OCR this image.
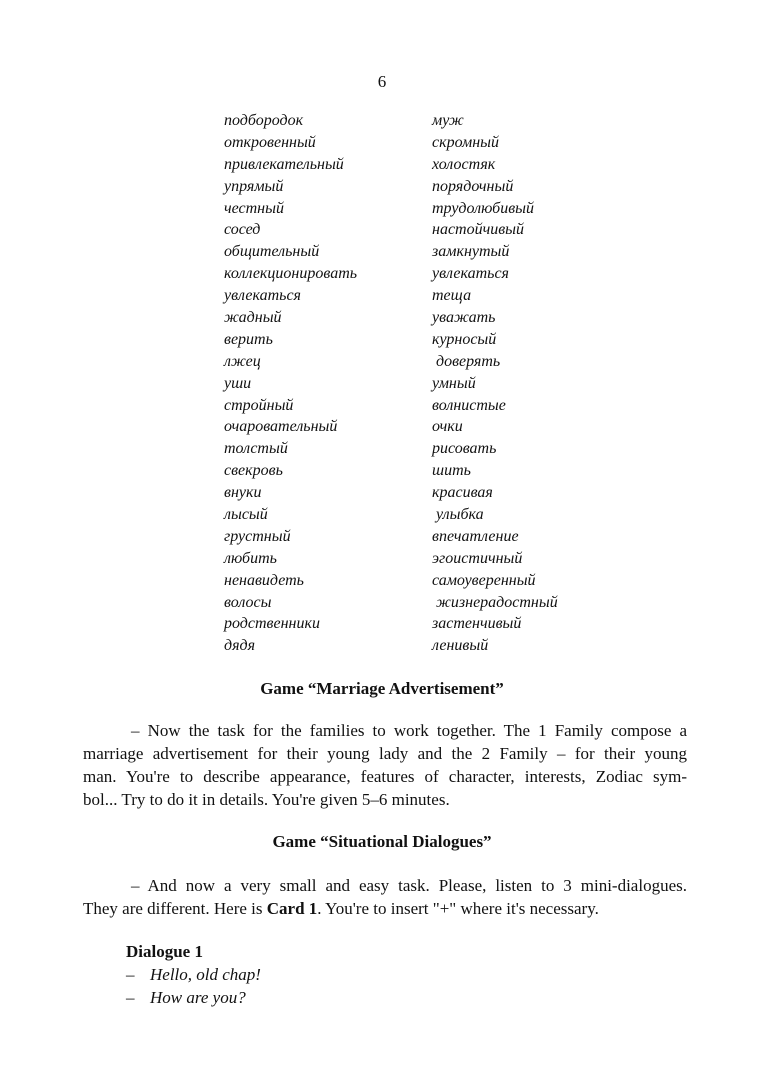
6
подбородок	муж
откровенный	скромный
привлекательный	холостяк
упрямый	порядочный
честный	трудолюбивый
сосед	настойчивый
общительный	замкнутый
коллекционировать	увлекаться
увлекаться	теща
жадный	уважать
верить	курносый
лжец	доверять
уши	умный
стройный	волнистые
очаровательный	очки
толстый	рисовать
свекровь	шить
внуки	красивая
лысый	улыбка
грустный	впечатление
любить	эгоистичный
ненавидеть	самоуверенный
волосы	жизнерадостный
родственники	застенчивый
дядя	ленивый
Game “Marriage Advertisement”
– Now the task for the families to work together. The 1 Family compose a
marriage advertisement for their young lady and the 2 Family – for their young
man. You're to describe appearance, features of character, interests, Zodiac sym-
bol... Try to do it in details. You're given 5–6 minutes.
Game “Situational Dialogues”
– And now a very small and easy task. Please, listen to 3 mini-dialogues.
They are different. Here is Card 1. You're to insert "+" where it's necessary.
Dialogue 1
– Hello, old chap!
– How are you?
